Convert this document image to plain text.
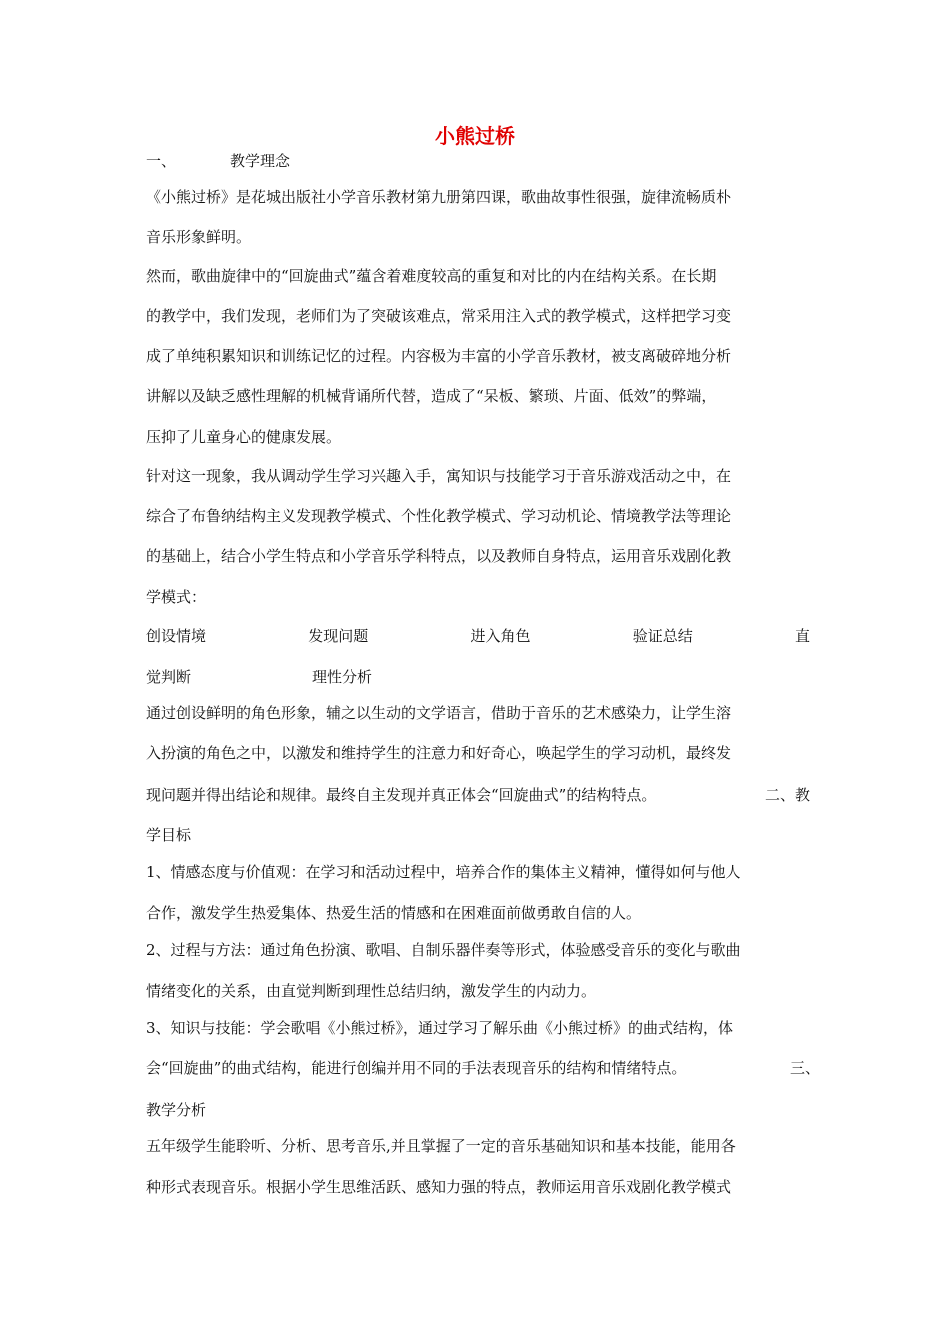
小熊过桥
一、	教学理念
《小熊过桥》是花城出版社小学音乐教材第九册第四课，歌曲故事性很强，旋律流畅质朴
音乐形象鲜明。
然而，歌曲旋律中的“回旋曲式”蕴含着难度较高的重复和对比的内在结构关系。在长期
的教学中，我们发现，老师们为了突破该难点，常采用注入式的教学模式，这样把学习变
成了单纯积累知识和训练记忆的过程。内容极为丰富的小学音乐教材，被支离破碎地分析
讲解以及缺乏感性理解的机械背诵所代替，造成了“呆板、繁琐、片面、低效”的弊端，
压抑了儿童身心的健康发展。
针对这一现象，我从调动学生学习兴趣入手，寓知识与技能学习于音乐游戏活动之中，在
综合了布鲁纳结构主义发现教学模式、个性化教学模式、学习动机论、情境教学法等理论
的基础上，结合小学生特点和小学音乐学科特点，以及教师自身特点，运用音乐戏剧化教
学模式：
创设情境	发现问题	进入角色	验证总结	直
觉判断	理性分析
通过创设鲜明的角色形象，辅之以生动的文学语言，借助于音乐的艺术感染力，让学生溶
入扮演的角色之中，以激发和维持学生的注意力和好奇心，唤起学生的学习动机，最终发
现问题并得出结论和规律。最终自主发现并真正体会“回旋曲式”的结构特点。	二、教
学目标
1、情感态度与价值观：在学习和活动过程中，培养合作的集体主义精神，懂得如何与他人
合作，激发学生热爱集体、热爱生活的情感和在困难面前做勇敢自信的人。
2、过程与方法：通过角色扮演、歌唱、自制乐器伴奏等形式，体验感受音乐的变化与歌曲
情绪变化的关系，由直觉判断到理性总结归纳，激发学生的内动力。
3、知识与技能：学会歌唱《小熊过桥》，通过学习了解乐曲《小熊过桥》的曲式结构，体
会“回旋曲”的曲式结构，能进行创编并用不同的手法表现音乐的结构和情绪特点。	三、
教学分析
五年级学生能聆听、分析、思考音乐,并且掌握了一定的音乐基础知识和基本技能，能用各
种形式表现音乐。根据小学生思维活跃、感知力强的特点，教师运用音乐戏剧化教学模式
